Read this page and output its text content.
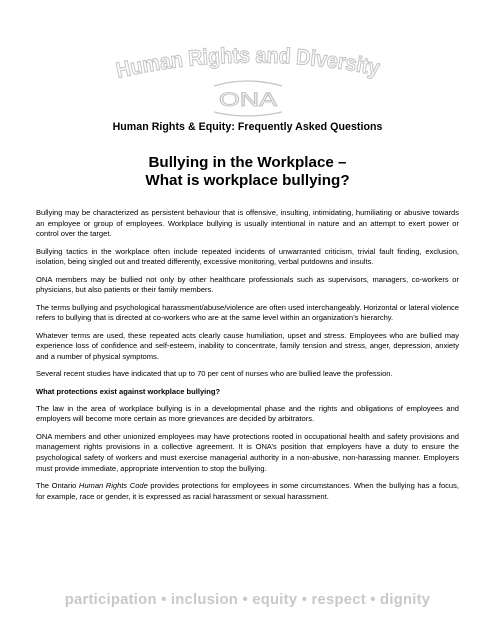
Human Rights and Diversity
ONA
Human Rights & Equity: Frequently Asked Questions
Bullying in the Workplace –
What is workplace bullying?

Bullying may be characterized as persistent behaviour that is offensive, insulting, intimidating, humiliating or abusive towards an employee or group of employees. Workplace bullying is usually intentional in nature and an attempt to exert power or control over the target.

Bullying tactics in the workplace often include repeated incidents of unwarranted criticism, trivial fault finding, exclusion, isolation, being singled out and treated differently, excessive monitoring, verbal putdowns and insults.

ONA members may be bullied not only by other healthcare professionals such as supervisors, managers, co-workers or physicians, but also patients or their family members.

The terms bullying and psychological harassment/abuse/violence are often used interchangeably. Horizontal or lateral violence refers to bullying that is directed at co-workers who are at the same level within an organization’s hierarchy.

Whatever terms are used, these repeated acts clearly cause humiliation, upset and stress. Employees who are bullied may experience loss of confidence and self-esteem, inability to concentrate, family tension and stress, anger, depression, anxiety and a number of physical symptoms.

Several recent studies have indicated that up to 70 per cent of nurses who are bullied leave the profession.

What protections exist against workplace bullying?

The law in the area of workplace bullying is in a developmental phase and the rights and obligations of employees and employers will become more certain as more grievances are decided by arbitrators.

ONA members and other unionized employees may have protections rooted in occupational health and safety provisions and management rights provisions in a collective agreement. It is ONA’s position that employers have a duty to ensure the psychological safety of workers and must exercise managerial authority in a non-abusive, non-harassing manner. Employers must provide immediate, appropriate intervention to stop the bullying.

The Ontario Human Rights Code provides protections for employees in some circumstances. When the bullying has a focus, for example, race or gender, it is expressed as racial harassment or sexual harassment.

participation • inclusion • equity • respect • dignity
